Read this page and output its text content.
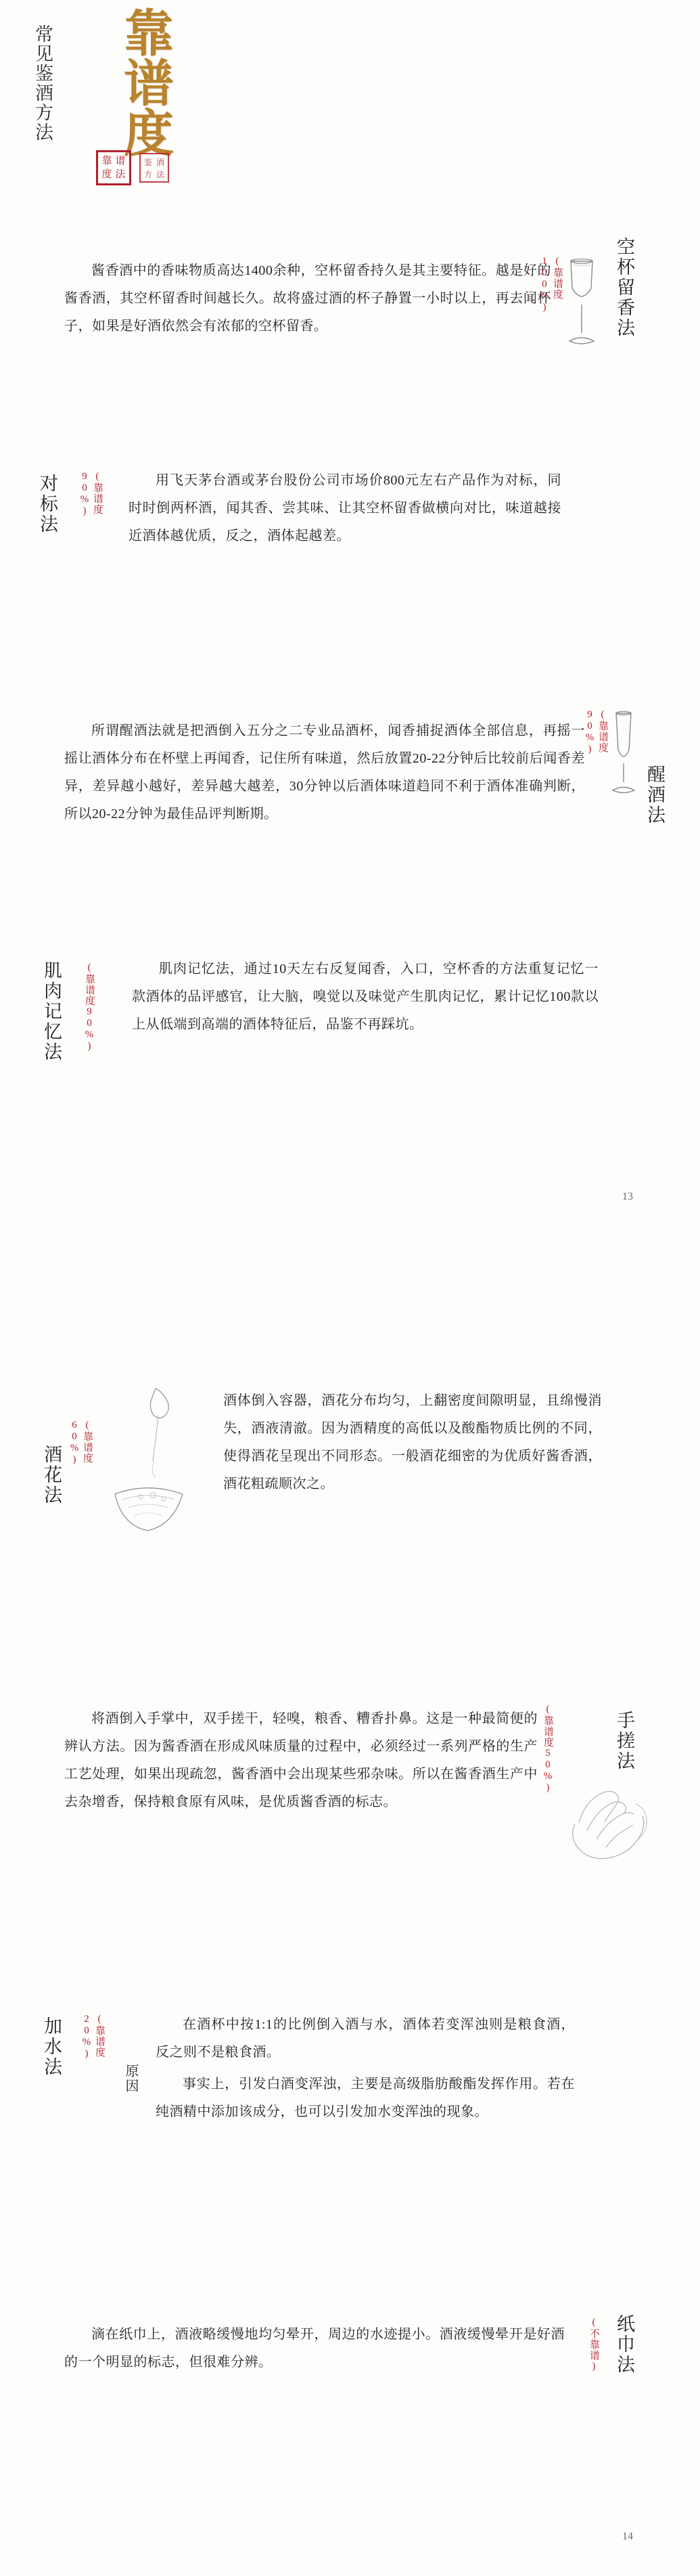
常见鉴酒方法	靠谱度
靠 谱
度 法
鉴 酒
方 法
酱香酒中的香味物质高达1400余种，空杯留香持久是其主要特征。越是好的酱香酒，其空杯留香时间越长久。故将盛过酒的杯子静置一小时以上，再去闻杯子，如果是好酒依然会有浓郁的空杯留香。
(靠谱度100%)	空杯留香法
对标法	(靠谱度90%)	用飞天茅台酒或茅台股份公司市场价800元左右产品作为对标，同时时倒两杯酒，闻其香、尝其味、让其空杯留香做横向对比，味道越接近酒体越优质，反之，酒体起越差。
所谓醒酒法就是把酒倒入五分之二专业品酒杯，闻香捕捉酒体全部信息，再摇一摇让酒体分布在杯壁上再闻香，记住所有味道，然后放置20-22分钟后比较前后闻香差异，差异越小越好，差异越大越差，30分钟以后酒体味道趋同不利于酒体准确判断，所以20-22分钟为最佳品评判断期。
(靠谱度90%)
醒酒法
肌肉记忆法 (靠谱度90%)	肌肉记忆法，通过10天左右反复闻香，入口，空杯香的方法重复记忆一款酒体的品评感官，让大脑，嗅觉以及味觉产生肌肉记忆，累计记忆100款以上从低端到高端的酒体特征后，品鉴不再踩坑。
13
(靠谱度60%)
酒花法
酒体倒入容器，酒花分布均匀，上翻密度间隙明显，且绵慢消失，酒液清澈。因为酒精度的高低以及酸酯物质比例的不同，使得酒花呈现出不同形态。一般酒花细密的为优质好酱香酒，酒花粗疏顺次之。
将酒倒入手掌中，双手搓干，轻嗅，粮香、糟香扑鼻。这是一种最简便的辨认方法。因为酱香酒在形成风味质量的过程中，必须经过一系列严格的生产工艺处理，如果出现疏忽，酱香酒中会出现某些邪杂味。所以在酱香酒生产中去杂增香，保持粮食原有风味，是优质酱香酒的标志。
(靠谱度50%)	手搓法
加水法	(靠谱度20%)
原因
在酒杯中按1:1的比例倒入酒与水，酒体若变浑浊则是粮食酒，反之则不是粮食酒。
事实上，引发白酒变浑浊，主要是高级脂肪酸酯发挥作用。若在纯酒精中添加该成分，也可以引发加水变浑浊的现象。
滴在纸巾上，酒液略缓慢地均匀晕开，周边的水迹提小。酒液缓慢晕开是好酒的一个明显的标志，但很难分辨。	纸巾法
(不靠谱)
14
